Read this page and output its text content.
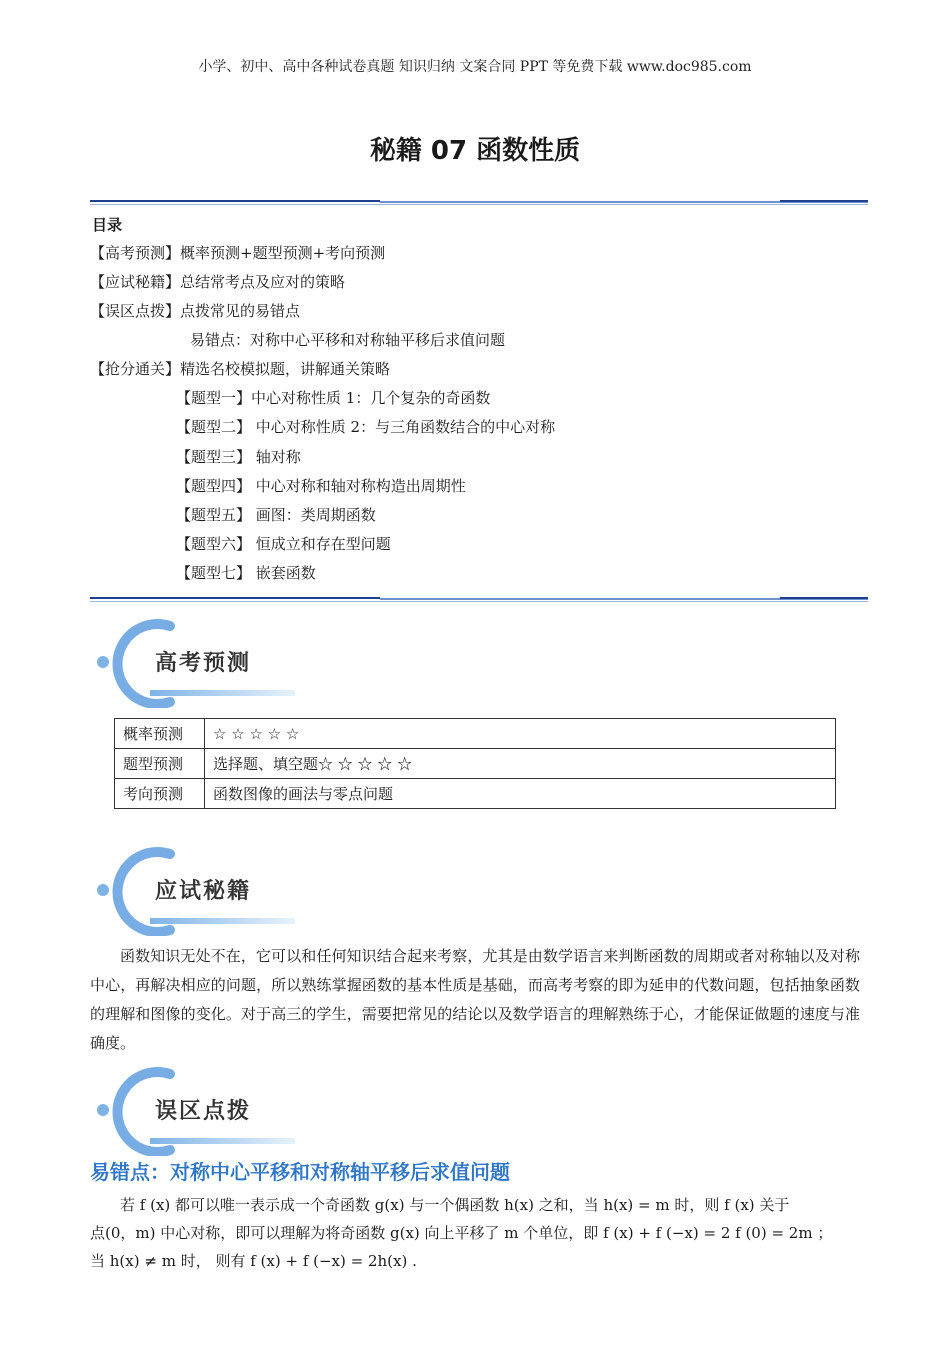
小学、初中、高中各种试卷真题 知识归纳 文案合同 PPT 等免费下载 www.doc985.com
秘籍 07 函数性质
目录
【高考预测】概率预测+题型预测+考向预测
【应试秘籍】总结常考点及应对的策略
【误区点拨】点拨常见的易错点
易错点：对称中心平移和对称轴平移后求值问题
【抢分通关】精选名校模拟题，讲解通关策略
【题型一】中心对称性质 1：几个复杂的奇函数
【题型二】 中心对称性质 2：与三角函数结合的中心对称
【题型三】 轴对称
【题型四】 中心对称和轴对称构造出周期性
【题型五】 画图：类周期函数
【题型六】 恒成立和存在型问题
【题型七】 嵌套函数
高考预测
概率预测	☆ ☆ ☆ ☆ ☆
题型预测	选择题、填空题☆ ☆ ☆ ☆ ☆
考向预测	函数图像的画法与零点问题
应试秘籍
函数知识无处不在，它可以和任何知识结合起来考察，尤其是由数学语言来判断函数的周期或者对称轴以及对称中心，再解决相应的问题，所以熟练掌握函数的基本性质是基础，而高考考察的即为延申的代数问题，包括抽象函数的理解和图像的变化。对于高三的学生，需要把常见的结论以及数学语言的理解熟练于心，才能保证做题的速度与准确度。
误区点拨
易错点：对称中心平移和对称轴平移后求值问题
若 f (x) 都可以唯一表示成一个奇函数 g(x) 与一个偶函数 h(x) 之和，当 h(x) = m 时，则 f (x) 关于
点(0，m) 中心对称，即可以理解为将奇函数 g(x) 向上平移了 m 个单位，即 f (x) + f (−x) = 2 f (0) = 2m ；
当 h(x) ≠ m 时， 则有 f (x) + f (−x) = 2h(x) .
